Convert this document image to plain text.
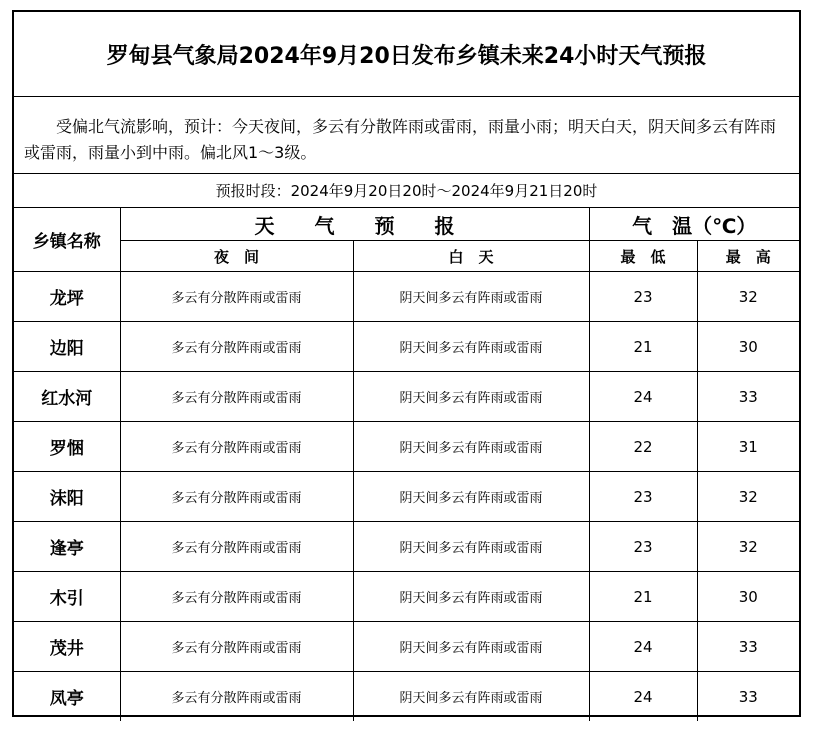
罗甸县气象局2024年9月20日发布乡镇未来24小时天气预报

受偏北气流影响，预计：今天夜间，多云有分散阵雨或雷雨，雨量小雨；明天白天，阴天间多云有阵雨或雷雨，雨量小到中雨。偏北风1～3级。

预报时段：2024年9月20日20时～2024年9月21日20时
乡镇名称	天　　气　　预　　报		气　温（℃）	
	夜　间	白　天	最　低	最　高
龙坪	多云有分散阵雨或雷雨	阴天间多云有阵雨或雷雨	23	32
边阳	多云有分散阵雨或雷雨	阴天间多云有阵雨或雷雨	21	30
红水河	多云有分散阵雨或雷雨	阴天间多云有阵雨或雷雨	24	33
罗悃	多云有分散阵雨或雷雨	阴天间多云有阵雨或雷雨	22	31
沫阳	多云有分散阵雨或雷雨	阴天间多云有阵雨或雷雨	23	32
逢亭	多云有分散阵雨或雷雨	阴天间多云有阵雨或雷雨	23	32
木引	多云有分散阵雨或雷雨	阴天间多云有阵雨或雷雨	21	30
茂井	多云有分散阵雨或雷雨	阴天间多云有阵雨或雷雨	24	33
凤亭	多云有分散阵雨或雷雨	阴天间多云有阵雨或雷雨	24	33
